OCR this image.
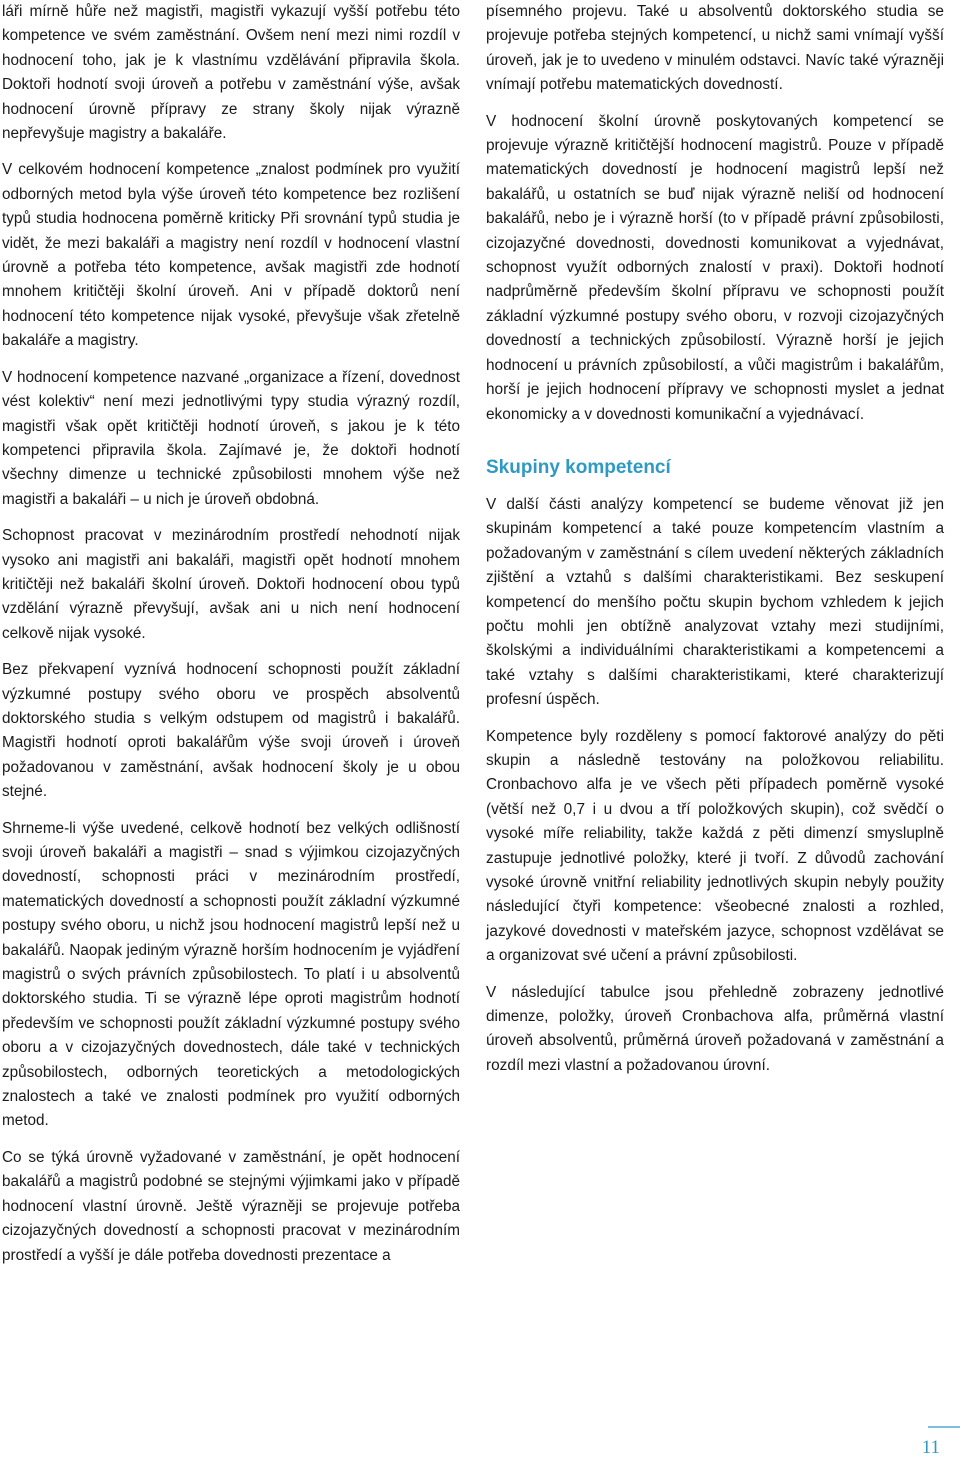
láři mírně hůře než magistři, magistři vykazují vyšší potřebu této kompetence ve svém zaměstnání. Ovšem není mezi nimi rozdíl v hodnocení toho, jak je k vlastnímu vzdělávání připravila škola. Doktoři hodnotí svoji úroveň a potřebu v zaměstnání výše, avšak hodnocení úrovně přípravy ze strany školy nijak výrazně nepřevyšuje magistry a bakaláře.

V celkovém hodnocení kompetence „znalost podmínek pro využití odborných metod byla výše úroveň této kompetence bez rozlišení typů studia hodnocena poměrně kriticky Při srovnání typů studia je vidět, že mezi bakaláři a magistry není rozdíl v hodnocení vlastní úrovně a potřeba této kompetence, avšak magistři zde hodnotí mnohem kritičtěji školní úroveň. Ani v případě doktorů není hodnocení této kompetence nijak vysoké, převyšuje však zřetelně bakaláře a magistry.

V hodnocení kompetence nazvané „organizace a řízení, dovednost vést kolektiv“ není mezi jednotlivými typy studia výrazný rozdíl, magistři však opět kritičtěji hodnotí úroveň, s jakou je k této kompetenci připravila škola. Zajímavé je, že doktoři hodnotí všechny dimenze u technické způsobilosti mnohem výše než magistři a bakaláři – u nich je úroveň obdobná.

Schopnost pracovat v mezinárodním prostředí nehodnotí nijak vysoko ani magistři ani bakaláři, magistři opět hodnotí mnohem kritičtěji než bakaláři školní úroveň. Doktoři hodnocení obou typů vzdělání výrazně převyšují, avšak ani u nich není hodnocení celkově nijak vysoké.

Bez překvapení vyznívá hodnocení schopnosti použít základní výzkumné postupy svého oboru ve prospěch absolventů doktorského studia s velkým odstupem od magistrů i bakalářů. Magistři hodnotí oproti bakalářům výše svoji úroveň i úroveň požadovanou v zaměstnání, avšak hodnocení školy je u obou stejné.

Shrneme-li výše uvedené, celkově hodnotí bez velkých odlišností svoji úroveň bakaláři a magistři – snad s výjimkou cizojazyčných dovedností, schopnosti práci v mezinárodním prostředí, matematických dovedností a schopnosti použít základní výzkumné postupy svého oboru, u nichž jsou hodnocení magistrů lepší než u bakalářů. Naopak jediným výrazně horším hodnocením je vyjádření magistrů o svých právních způsobilostech. To platí i u absolventů doktorského studia. Ti se výrazně lépe oproti magistrům hodnotí především ve schopnosti použít základní výzkumné postupy svého oboru a v cizojazyčných dovednostech, dále také v technických způsobilostech, odborných teoretických a metodologických znalostech a také ve znalosti podmínek pro využití odborných metod.

Co se týká úrovně vyžadované v zaměstnání, je opět hodnocení bakalářů a magistrů podobné se stejnými výjimkami jako v případě hodnocení vlastní úrovně. Ještě výrazněji se projevuje potřeba cizojazyčných dovedností a schopnosti pracovat v mezinárodním prostředí a vyšší je dále potřeba dovednosti prezentace a

písemného projevu. Také u absolventů doktorského studia se projevuje potřeba stejných kompetencí, u nichž sami vnímají vyšší úroveň, jak je to uvedeno v minulém odstavci. Navíc také výrazněji vnímají potřebu matematických dovedností.

V hodnocení školní úrovně poskytovaných kompetencí se projevuje výrazně kritičtější hodnocení magistrů. Pouze v případě matematických dovedností je hodnocení magistrů lepší než bakalářů, u ostatních se buď nijak výrazně neliší od hodnocení bakalářů, nebo je i výrazně horší (to v případě právní způsobilosti, cizojazyčné dovednosti, dovednosti komunikovat a vyjednávat, schopnost využít odborných znalostí v praxi). Doktoři hodnotí nadprůměrně především školní přípravu ve schopnosti použít základní výzkumné postupy svého oboru, v rozvoji cizojazyčných dovedností a technických způsobilostí. Výrazně horší je jejich hodnocení u právních způsobilostí, a vůči magistrům i bakalářům, horší je jejich hodnocení přípravy ve schopnosti myslet a jednat ekonomicky a v dovednosti komunikační a vyjednávací.

Skupiny kompetencí

V další části analýzy kompetencí se budeme věnovat již jen skupinám kompetencí a také pouze kompetencím vlastním a požadovaným v zaměstnání s cílem uvedení některých základních zjištění a vztahů s dalšími charakteristikami. Bez seskupení kompetencí do menšího počtu skupin bychom vzhledem k jejich počtu mohli jen obtížně analyzovat vztahy mezi studijními, školskými a individuálními charakteristikami a kompetencemi a také vztahy s dalšími charakteristikami, které charakterizují profesní úspěch.

Kompetence byly rozděleny s pomocí faktorové analýzy do pěti skupin a následně testovány na položkovou reliabilitu. Cronbachovo alfa je ve všech pěti případech poměrně vysoké (větší než 0,7 i u dvou a tří položkových skupin), což svědčí o vysoké míře reliability, takže každá z pěti dimenzí smysluplně zastupuje jednotlivé položky, které ji tvoří. Z důvodů zachování vysoké úrovně vnitřní reliability jednotlivých skupin nebyly použity následující čtyři kompetence: všeobecné znalosti a rozhled, jazykové dovednosti v mateřském jazyce, schopnost vzdělávat se a organizovat své učení a právní způsobilosti.

V následující tabulce jsou přehledně zobrazeny jednotlivé dimenze, položky, úroveň Cronbachova alfa, průměrná vlastní úroveň absolventů, průměrná úroveň požadovaná v zaměstnání a rozdíl mezi vlastní a požadovanou úrovní.

11
